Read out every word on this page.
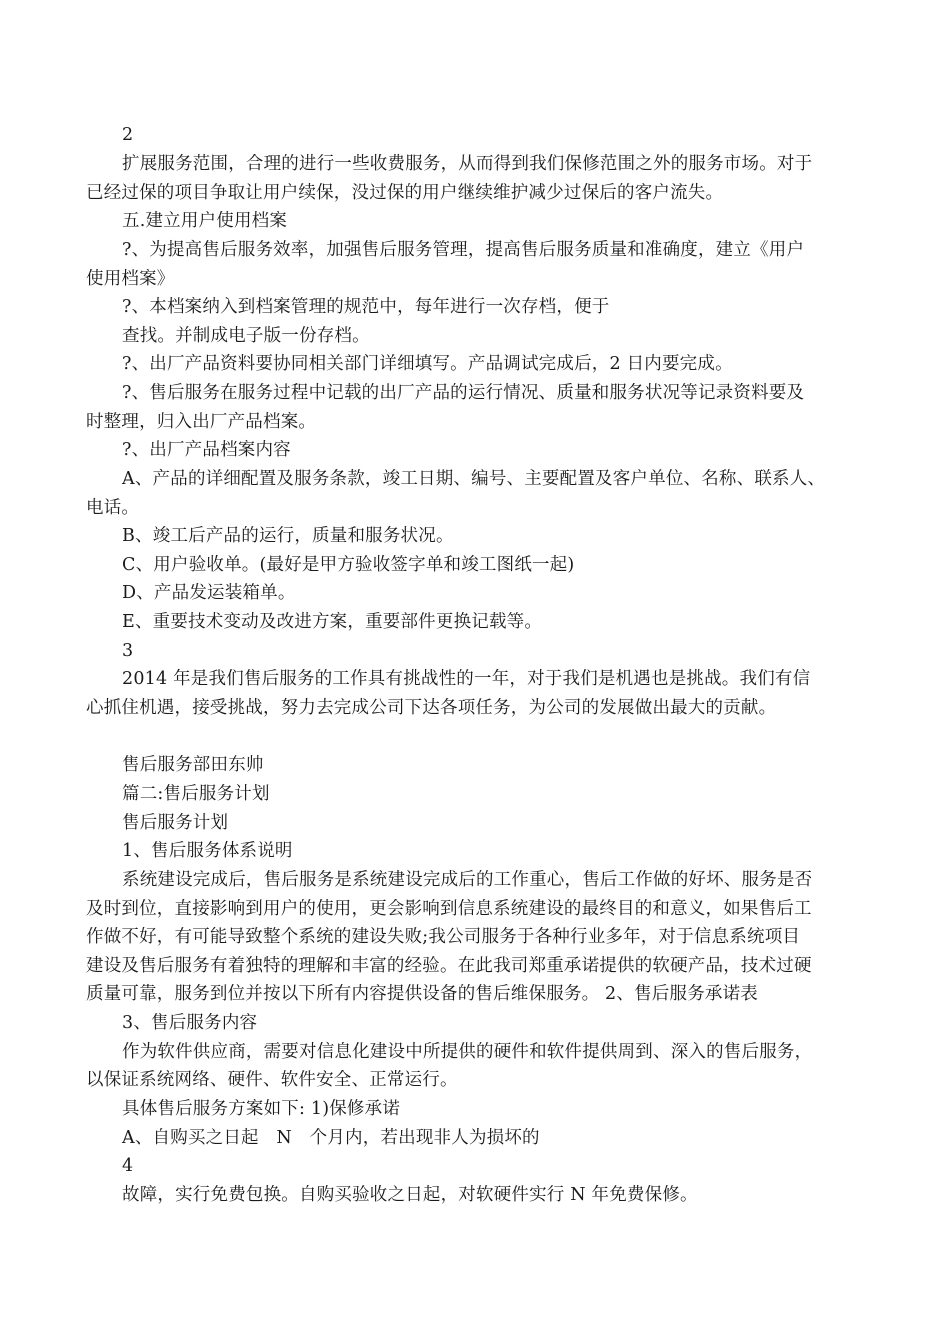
2
扩展服务范围，合理的进行一些收费服务，从而得到我们保修范围之外的服务市场。对于
已经过保的项目争取让用户续保，没过保的用户继续维护减少过保后的客户流失。
五.建立用户使用档案
?、为提高售后服务效率，加强售后服务管理，提高售后服务质量和准确度，建立《用户
使用档案》
?、本档案纳入到档案管理的规范中，每年进行一次存档，便于
查找。并制成电子版一份存档。
?、出厂产品资料要协同相关部门详细填写。产品调试完成后，2 日内要完成。
?、售后服务在服务过程中记载的出厂产品的运行情况、质量和服务状况等记录资料要及
时整理，归入出厂产品档案。
?、出厂产品档案内容
A、产品的详细配置及服务条款，竣工日期、编号、主要配置及客户单位、名称、联系人、
电话。
B、竣工后产品的运行，质量和服务状况。
C、用户验收单。(最好是甲方验收签字单和竣工图纸一起)
D、产品发运装箱单。
E、重要技术变动及改进方案，重要部件更换记载等。
3
2014 年是我们售后服务的工作具有挑战性的一年，对于我们是机遇也是挑战。我们有信
心抓住机遇，接受挑战，努力去完成公司下达各项任务，为公司的发展做出最大的贡献。
售后服务部田东帅
篇二:售后服务计划
售后服务计划
1、售后服务体系说明
系统建设完成后，售后服务是系统建设完成后的工作重心，售后工作做的好坏、服务是否
及时到位，直接影响到用户的使用，更会影响到信息系统建设的最终目的和意义，如果售后工
作做不好，有可能导致整个系统的建设失败;我公司服务于各种行业多年，对于信息系统项目
建设及售后服务有着独特的理解和丰富的经验。在此我司郑重承诺提供的软硬产品，技术过硬
质量可靠，服务到位并按以下所有内容提供设备的售后维保服务。 2、售后服务承诺表
3、售后服务内容
作为软件供应商，需要对信息化建设中所提供的硬件和软件提供周到、深入的售后服务，
以保证系统网络、硬件、软件安全、正常运行。
具体售后服务方案如下: 1)保修承诺
A、自购买之日起　N　个月内，若出现非人为损坏的
4
故障，实行免费包换。自购买验收之日起，对软硬件实行 N 年免费保修。
